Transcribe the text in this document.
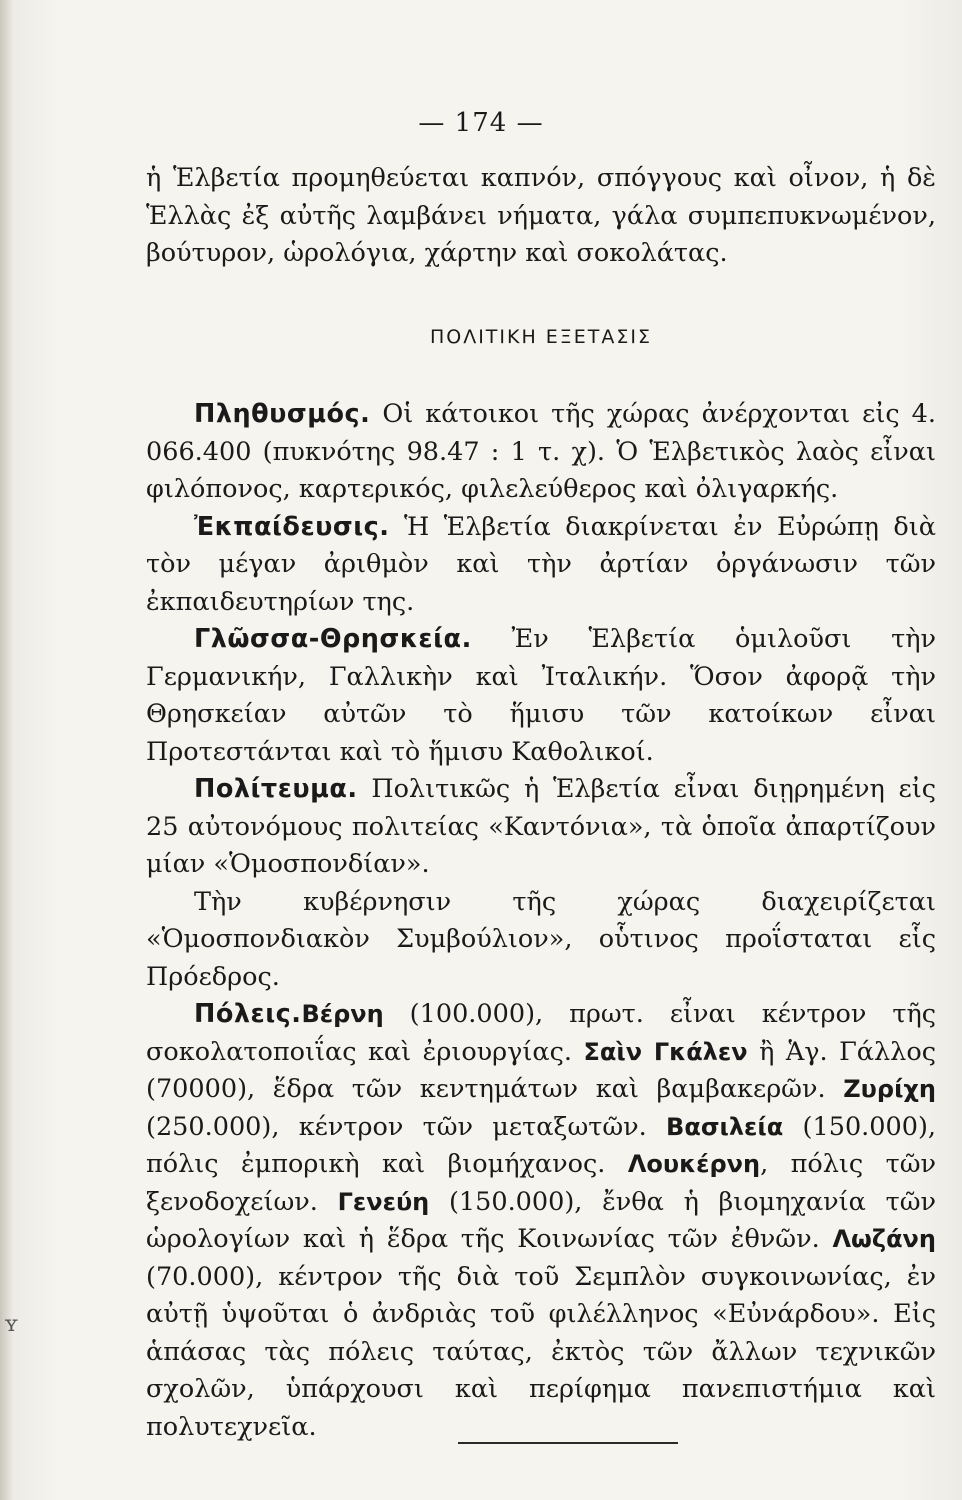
ʏ
— 174 —

ἡ Ἑλβετία προμηθεύεται καπνόν, σπόγγους καὶ οἶνον, ἡ δὲ Ἑλλὰς ἐξ αὐτῆς λαμβάνει νήματα, γάλα συμπεπυκνωμένον, βούτυρον, ὡρολόγια, χάρτην καὶ σοκολάτας.

ΠΟΛΙΤΙΚΗ ΕΞΕΤΑΣΙΣ

Πληθυσμός. Οἱ κάτοικοι τῆς χώρας ἀνέρχονται εἰς 4. 066.400 (πυκνότης 98.47 : 1 τ. χ). Ὁ Ἑλβετικὸς λαὸς εἶναι φιλόπονος, καρτερικός, φιλελεύθερος καὶ ὀλιγαρκής.

Ἐκπαίδευσις. Ἡ Ἑλβετία διακρίνεται ἐν Εὐρώπῃ διὰ τὸν μέγαν ἀριθμὸν καὶ τὴν ἀρτίαν ὀργάνωσιν τῶν ἐκπαιδευτηρίων της.

Γλῶσσα-Θρησκεία. Ἐν Ἑλβετία ὁμιλοῦσι τὴν Γερμανικήν, Γαλλικὴν καὶ Ἰταλικήν. Ὅσον ἀφορᾷ τὴν Θρησκείαν αὐτῶν τὸ ἥμισυ τῶν κατοίκων εἶναι Προτεστάνται καὶ τὸ ἥμισυ Καθολικοί.

Πολίτευμα. Πολιτικῶς ἡ Ἑλβετία εἶναι διῃρημένη εἰς 25 αὐτονόμους πολιτείας «Καντόνια», τὰ ὁποῖα ἀπαρτίζουν μίαν «Ὁμοσπονδίαν».

Τὴν κυβέρνησιν τῆς χώρας διαχειρίζεται «Ὁμοσπονδιακὸν Συμβούλιον», οὗτινος προΐσταται εἷς Πρόεδρος.

Πόλεις.Βέρνη (100.000), πρωτ. εἶναι κέντρον τῆς σοκολατοποιΐας καὶ ἐριουργίας. Σαὶν Γκάλεν ἢ Ἁγ. Γάλλος (70000), ἕδρα τῶν κεντημάτων καὶ βαμβακερῶν. Ζυρίχη (250.000), κέντρον τῶν μεταξωτῶν. Βασιλεία (150.000), πόλις ἐμπορικὴ καὶ βιομήχανος. Λουκέρνη, πόλις τῶν ξενοδοχείων. Γενεύη (150.000), ἔνθα ἡ βιομηχανία τῶν ὡρολογίων καὶ ἡ ἕδρα τῆς Κοινωνίας τῶν ἐθνῶν. Λωζάνη (70.000), κέντρον τῆς διὰ τοῦ Σεμπλὸν συγκοινωνίας, ἐν αὐτῇ ὑψοῦται ὁ ἀνδριὰς τοῦ φιλέλληνος «Εὐνάρδου». Εἰς ἁπάσας τὰς πόλεις ταύτας, ἐκτὸς τῶν ἄλλων τεχνικῶν σχολῶν, ὑπάρχουσι καὶ περίφημα πανεπιστήμια καὶ πολυτεχνεῖα.
